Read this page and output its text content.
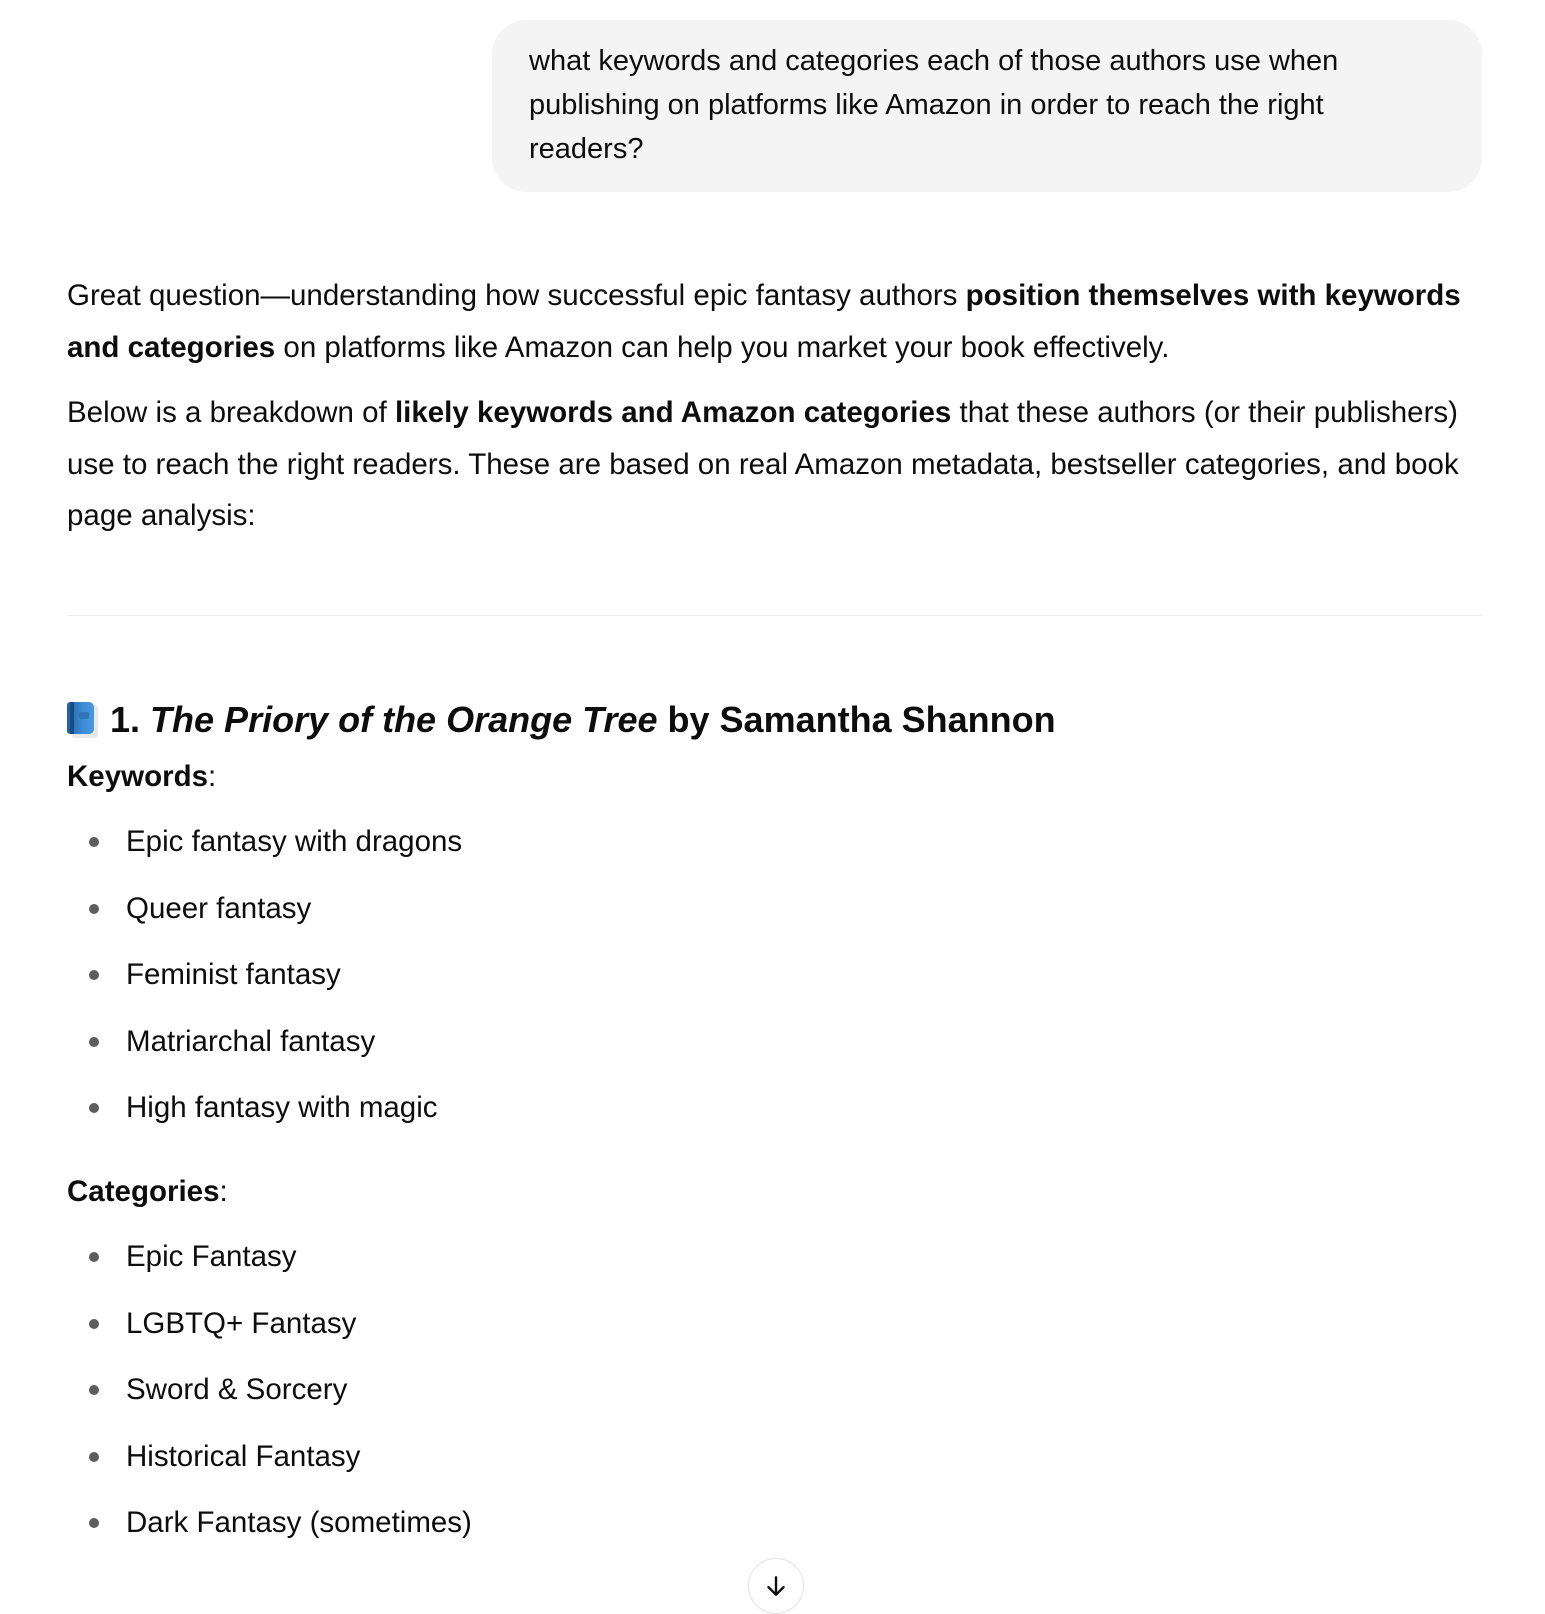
what keywords and categories each of those authors use when publishing on platforms like Amazon in order to reach the right readers?

Great question—understanding how successful epic fantasy authors position themselves with keywords and categories on platforms like Amazon can help you market your book effectively.

Below is a breakdown of likely keywords and Amazon categories that these authors (or their publishers) use to reach the right readers. These are based on real Amazon metadata, bestseller categories, and book page analysis:

1.
The Priory of the Orange Tree
by Samantha Shannon

Keywords:

Epic fantasy with dragons
Queer fantasy
Feminist fantasy
Matriarchal fantasy
High fantasy with magic

Categories:

Epic Fantasy
LGBTQ+ Fantasy
Sword & Sorcery
Historical Fantasy
Dark Fantasy (sometimes)
